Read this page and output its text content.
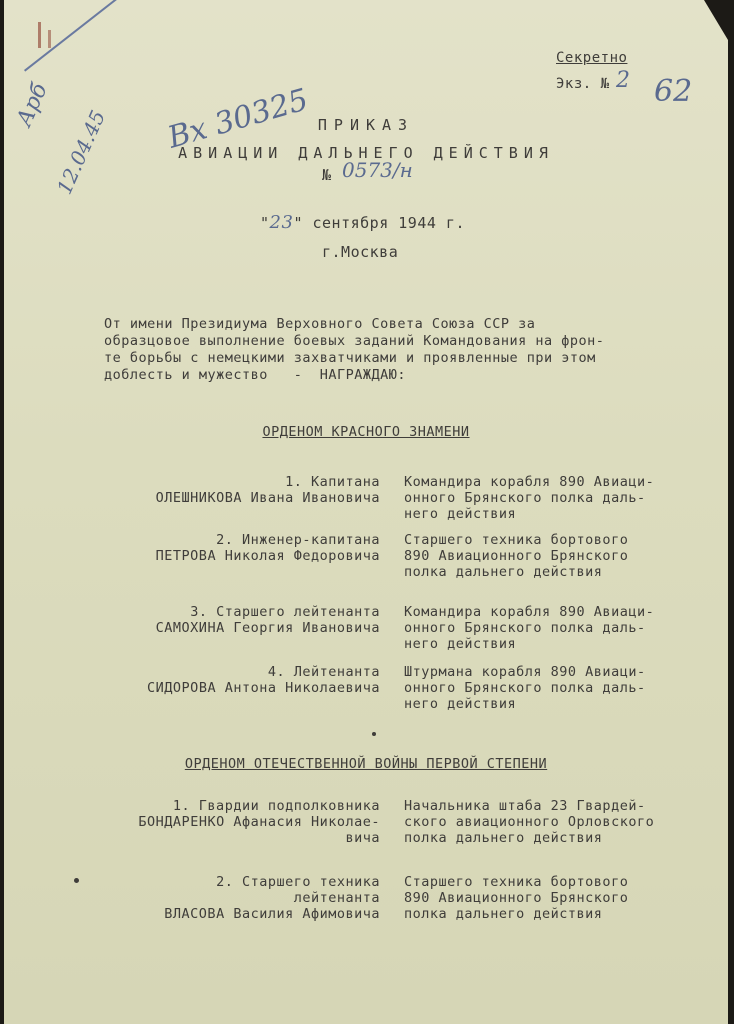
Секретно
Экз. № 2 62
Арб
12.04.45 Вх 30325 ПРИКАЗ
АВИАЦИИ ДАЛЬНЕГО ДЕЙСТВИЯ
№ 0573/н
"23" сентября 1944 г.
г.Москва
От имени Президиума Верховного Совета Союза ССР за
образцовое выполнение боевых заданий Командования на фрон-
те борьбы с немецкими захватчиками и проявленные при этом
доблесть и мужество   -  НАГРАЖДАЮ:
ОРДЕНОМ КРАСНОГО ЗНАМЕНИ
1. Капитана
ОЛЕШНИКОВА Ивана Ивановича
Командира корабля 890 Авиаци-
онного Брянского полка даль-
него действия
2. Инженер-капитана
ПЕТРОВА Николая Федоровича
Старшего техника бортового
890 Авиационного Брянского
полка дальнего действия
3. Старшего лейтенанта
САМОХИНА Георгия Ивановича
Командира корабля 890 Авиаци-
онного Брянского полка даль-
него действия
4. Лейтенанта
СИДОРОВА Антона Николаевича
Штурмана корабля 890 Авиаци-
онного Брянского полка даль-
него действия
ОРДЕНОМ ОТЕЧЕСТВЕННОЙ ВОЙНЫ ПЕРВОЙ СТЕПЕНИ
1. Гвардии подполковника
БОНДАРЕНКО Афанасия Николае-
вича
Начальника штаба 23 Гвардей-
ского авиационного Орловского
полка дальнего действия
2. Старшего техника
лейтенанта
ВЛАСОВА Василия Афимовича
Старшего техника бортового
890 Авиационного Брянского
полка дальнего действия
